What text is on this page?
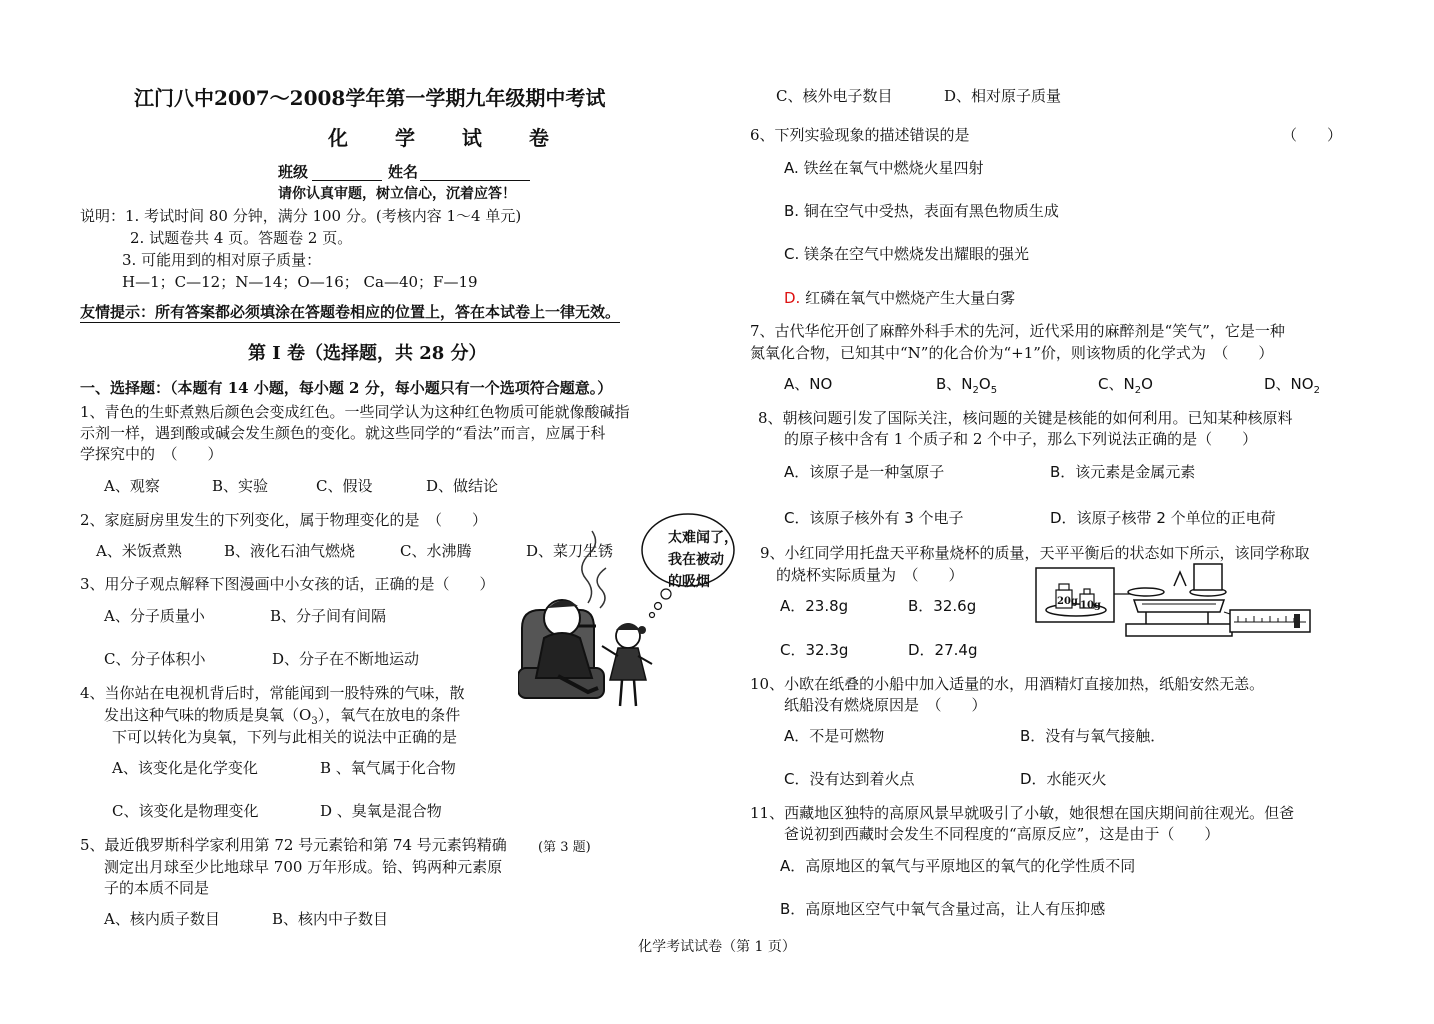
江门八中2007～2008学年第一学期九年级期中考试
化 学 试 卷
班级	姓名
请你认真审题，树立信心，沉着应答！
说明：1. 考试时间 80 分钟，满分 100 分。(考核内容 1～4 单元)
2. 试题卷共 4 页。答题卷 2 页。
3. 可能用到的相对原子质量：
H—1；C—12；N—14；O—16； Ca—40；F—19
友情提示：所有答案都必须填涂在答题卷相应的位置上，答在本试卷上一律无效。
第 I 卷（选择题，共 28 分）
一、选择题：（本题有 14 小题，每小题 2 分，每小题只有一个选项符合题意。）
1、青色的生虾煮熟后颜色会变成红色。一些同学认为这种红色物质可能就像酸碱指
示剂一样，遇到酸或碱会发生颜色的变化。就这些同学的“看法”而言，应属于科
学探究中的　（　　）
A、观察	B、实验	C、假设	D、做结论
2、家庭厨房里发生的下列变化，属于物理变化的是　（　　）
A、米饭煮熟	B、液化石油气燃烧	C、水沸腾	D、菜刀生锈
3、用分子观点解释下图漫画中小女孩的话，正确的是（　　）
A、分子质量小	B、分子间有间隔
C、分子体积小	D、分子在不断地运动
太难闻了，
我在被动
的吸烟
(第 3 题)
4、当你站在电视机背后时，常能闻到一股特殊的气味，散
发出这种气味的物质是臭氧$(O_3)$，氧气在放电的条件
下可以转化为臭氧，下列与此相关的说法中正确的是
A、该变化是化学变化	B 、氧气属于化合物
C、该变化是物理变化	D 、臭氧是混合物
5、最近俄罗斯科学家利用第 72 号元素铪和第 74 号元素钨精确
测定出月球至少比地球早 700 万年形成。铪、钨两种元素原
子的本质不同是
A、核内质子数目	B、核内中子数目
C、核外电子数目	D、相对原子质量
6、下列实验现象的描述错误的是	（　　）
A. 铁丝在氧气中燃烧火星四射
B. 铜在空气中受热，表面有黑色物质生成
C. 镁条在空气中燃烧发出耀眼的强光
D. 红磷在氧气中燃烧产生大量白雾
7、古代华佗开创了麻醉外科手术的先河，近代采用的麻醉剂是“笑气”，它是一种
氮氧化合物，已知其中“N”的化合价为“+1”价，则该物质的化学式为　（　　）
A、NO	B、$N_2O_5$	C、$N_2O$	D、$NO_2$
8、朝核问题引发了国际关注，核问题的关键是核能的如何利用。已知某种核原料
的原子核中含有 1 个质子和 2 个中子，那么下列说法正确的是（　　）
A．该原子是一种氢原子	B．该元素是金属元素
C．该原子核外有 3 个电子	D．该原子核带 2 个单位的正电荷
9、小红同学用托盘天平称量烧杯的质量，天平平衡后的状态如下所示，该同学称取
的烧杯实际质量为　（　　）
A．23.8g	B．32.6g
C．32.3g	D．27.4g
20g 10g
10、小欧在纸叠的小船中加入适量的水，用酒精灯直接加热，纸船安然无恙。
纸船没有燃烧原因是　（　　）
A．不是可燃物	B．没有与氧气接触．
C．没有达到着火点	D．水能灭火
11、西藏地区独特的高原风景早就吸引了小敏，她很想在国庆期间前往观光。但爸
爸说初到西藏时会发生不同程度的“高原反应”，这是由于（　　）
A．高原地区的氧气与平原地区的氧气的化学性质不同
B．高原地区空气中氧气含量过高，让人有压抑感
化学考试试卷（第 1 页）
